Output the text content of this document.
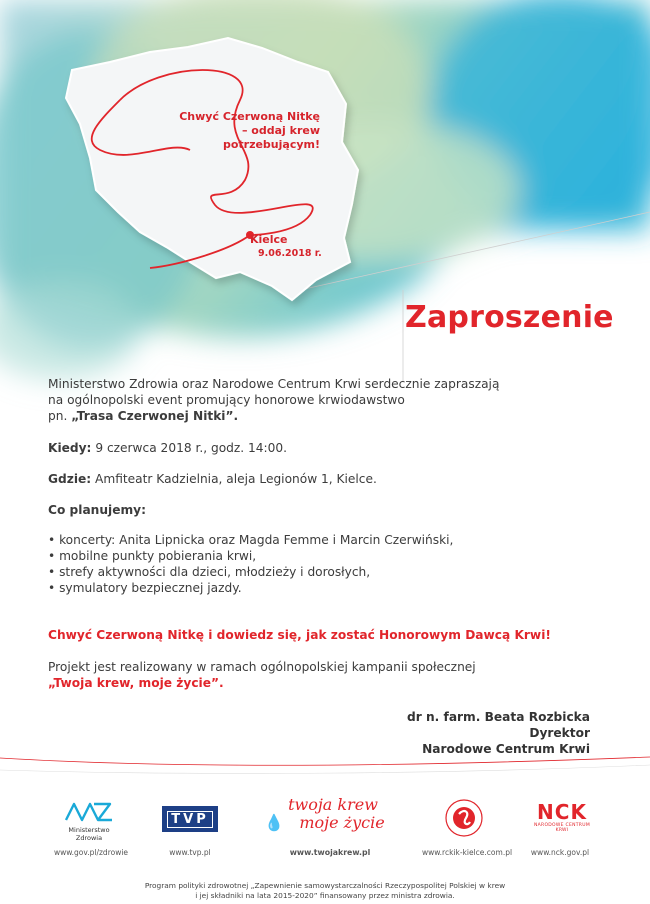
Chwyć Czerwoną Nitkę
– oddaj krew
potrzebującym!
Kielce
9.06.2018 r.
Zaproszenie
Ministerstwo Zdrowia oraz Narodowe Centrum Krwi serdecznie zapraszają
na ogólnopolski event promujący honorowe krwiodawstwo
pn. „Trasa Czerwonej Nitki”.
Kiedy: 9 czerwca 2018 r., godz. 14:00.
Gdzie: Amfiteatr Kadzielnia, aleja Legionów 1, Kielce.
Co planujemy:
• koncerty: Anita Lipnicka oraz Magda Femme i Marcin Czerwiński,
• mobilne punkty pobierania krwi,
• strefy aktywności dla dzieci, młodzieży i dorosłych,
• symulatory bezpiecznej jazdy.
Chwyć Czerwoną Nitkę i dowiedz się, jak zostać Honorowym Dawcą Krwi!
Projekt jest realizowany w ramach ogólnopolskiej kampanii społecznej
„Twoja krew, moje życie”.
dr n. farm. Beata Rozbicka
Dyrektor
Narodowe Centrum Krwi
Ministerstwo Zdrowia
TVP
twoja krew
💧 moje życie	NCK
NARODOWE CENTRUM KRWI
www.gov.pl/zdrowie	www.tvp.pl	www.twojakrew.pl	www.rckik-kielce.com.pl	www.nck.gov.pl
Program polityki zdrowotnej „Zapewnienie samowystarczalności Rzeczypospolitej Polskiej w krew
i jej składniki na lata 2015-2020” finansowany przez ministra zdrowia.
